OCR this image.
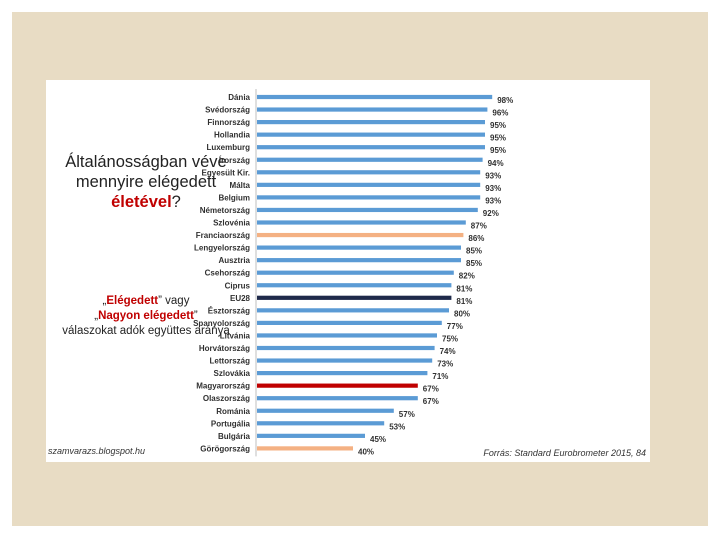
Általánosságban véve
mennyire elégedett
életével?
„Elégedett” vagy
„Nagyon elégedett”
válaszokat adók együttes aránya
Dánia	98%
Svédország	96%
Finnország	95%
Hollandia	95%
Luxemburg	95%
Írország	94%
Egyesült Kir.	93%
Málta	93%
Belgium	93%
Németország	92%
Szlovénia	87%
Franciaország	86%
Lengyelország	85%
Ausztria	85%
Csehország	82%
Ciprus	81%
EU28	81%
Észtország	80%
Spanyolország	77%
Litvánia	75%
Horvátország	74%
Lettország	73%
Szlovákia	71%
Magyarország	67%
Olaszország	67%
Románia	57%
Portugália	53%
Bulgária	45%
Görögország	40%
szamvarazs.blogspot.hu	Forrás: Standard Eurobrometer 2015, 84
